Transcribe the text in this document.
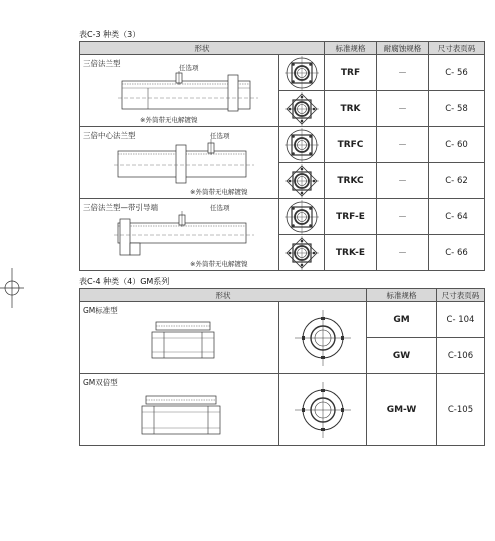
表C-3 种类（3）
形状		标准规格	耐腐蚀规格	尺寸表页码

三倍法兰型 任选项
※外筒带无电解镀镍		TRF	－	C- 56

	TRK	－	C- 58

三倍中心法兰型 任选项
※外筒带无电解镀镍		TRFC	－	C- 60

	TRKC	－	C- 62

三倍法兰型—带引导端 任选项
※外筒带无电解镀镍		TRF-E	－	C- 64

	TRK-E	－	C- 66
表C-4 种类（4）GM系列
形状		标准规格	尺寸表页码

GM标准型		GM	C- 104
		GW	C-106

GM双倍型		GM-W	C-105
